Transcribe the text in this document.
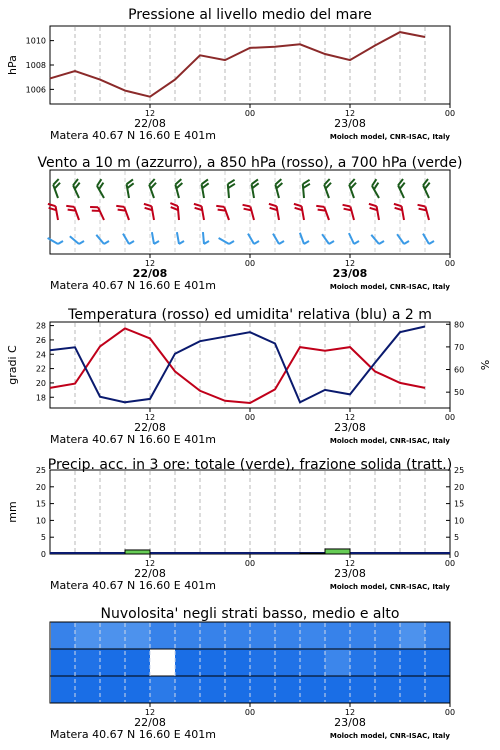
Pressione al livello medio del mare
1006
1008
1010
hPa
12	00	12	00
22/08	23/08
Matera 40.67 N 16.60 E 401m	Moloch model, CNR-ISAC, Italy
Vento a 10 m (azzurro), a 850 hPa (rosso), a 700 hPa (verde)
12	00	12	00
22/08	23/08
Matera 40.67 N 16.60 E 401m	Moloch model, CNR-ISAC, Italy
Temperatura (rosso) ed umidita' relativa (blu) a 2 m
18
20
22
24
26
28
50
60
70
80
gradi C	%
12	00	12	00
22/08	23/08
Matera 40.67 N 16.60 E 401m	Moloch model, CNR-ISAC, Italy
Precip. acc. in 3 ore: totale (verde), frazione solida (tratt.)
0
5
10
15
20
25
0
5
10
15
20
25
mm
12	00	12	00
22/08	23/08
Matera 40.67 N 16.60 E 401m	Moloch model, CNR-ISAC, Italy
Nuvolosita' negli strati basso, medio e alto
12	00	12	00
22/08	23/08
Matera 40.67 N 16.60 E 401m	Moloch model, CNR-ISAC, Italy
